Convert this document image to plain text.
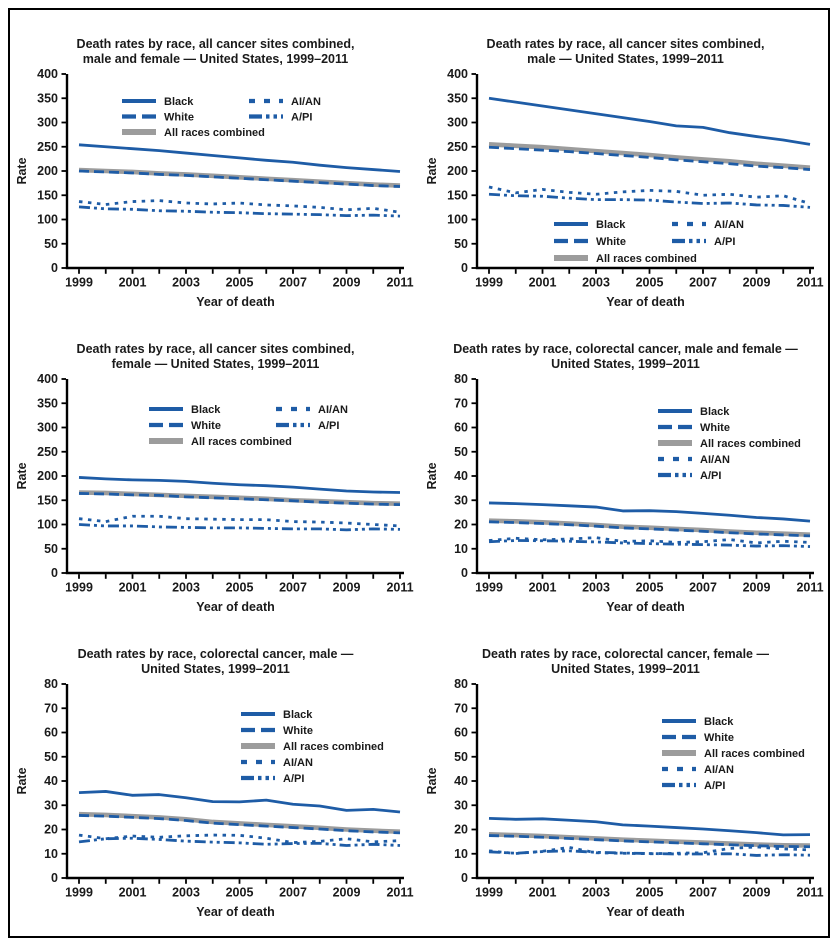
Death rates by race, all cancer sites combined,
male and female — United States, 1999–2011
0
50
100
150
200
250
300
350
400
1999 2001 2003 2005 2007 2009 2011
Rate
Year of death
Black
White
All races combined
AI/AN
A/PI
Death rates by race, all cancer sites combined,
male — United States, 1999–2011
0
50
100
150
200
250
300
350
400
1999 2001 2003 2005 2007 2009 2011
Rate
Year of death
Black
White
All races combined
AI/AN
A/PI
Death rates by race, all cancer sites combined,
female — United States, 1999–2011
0
50
100
150
200
250
300
350
400
1999 2001 2003 2005 2007 2009 2011
Rate
Year of death
Black
White
All races combined
AI/AN
A/PI
Death rates by race, colorectal cancer, male and female —
United States, 1999–2011
0
10
20
30
40
50
60
70
80
1999 2001 2003 2005 2007 2009 2011
Rate
Year of death
Black
White
All races combined
AI/AN
A/PI
Death rates by race, colorectal cancer, male —
United States, 1999–2011
0
10
20
30
40
50
60
70
80
1999 2001 2003 2005 2007 2009 2011
Rate
Year of death
Black
White
All races combined
AI/AN
A/PI
Death rates by race, colorectal cancer, female —
United States, 1999–2011
0
10
20
30
40
50
60
70
80
1999 2001 2003 2005 2007 2009 2011
Rate
Year of death
Black
White
All races combined
AI/AN
A/PI
